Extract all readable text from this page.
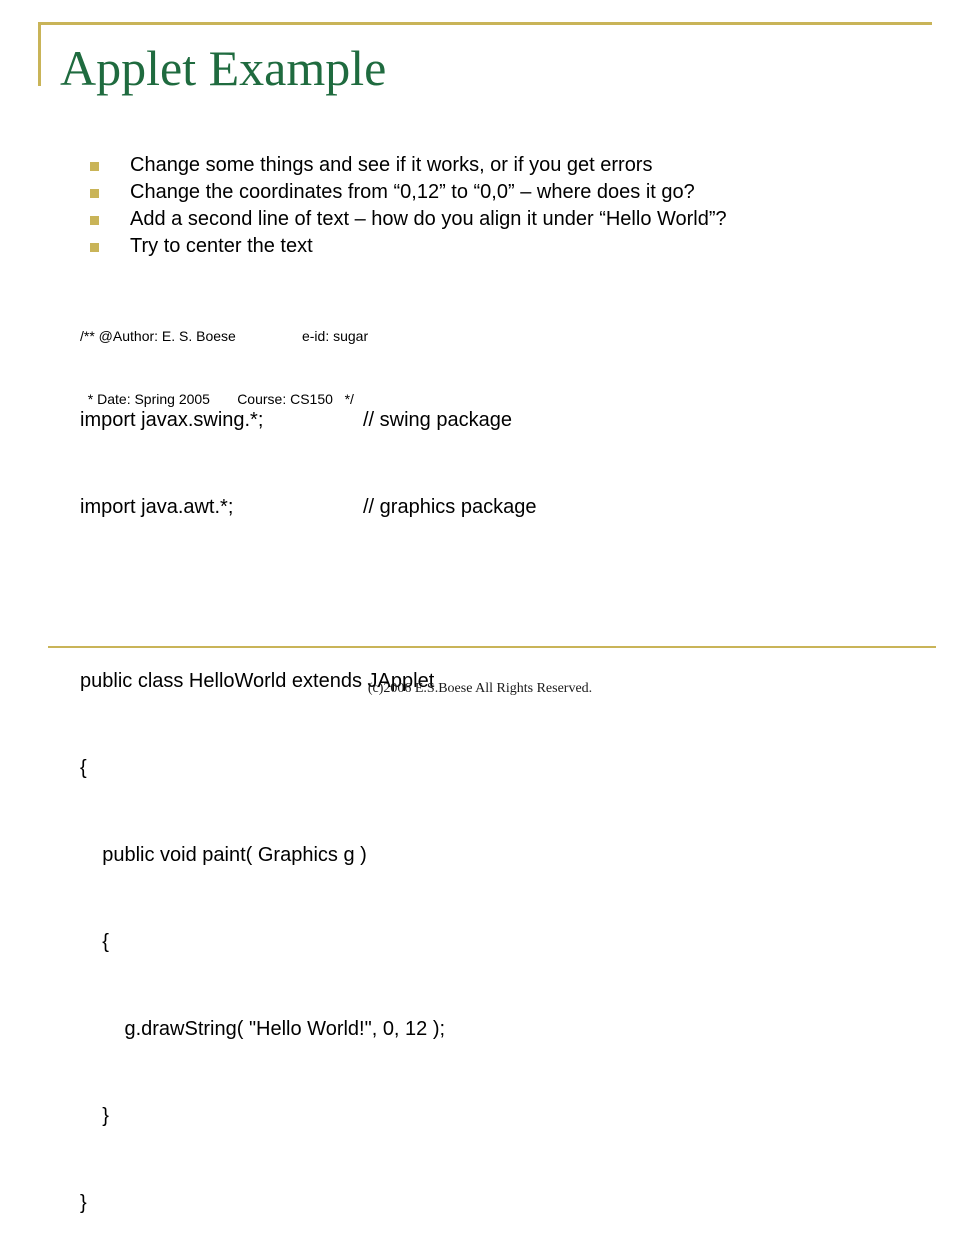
Applet Example
Change some things and see if it works, or if you get errors
Change the coordinates from “0,12” to “0,0” – where does it go?
Add a second line of text – how do you align it under “Hello World”?
Try to center the text

/** @Author: E. S. Boese                 e-id: sugar

* Date: Spring 2005       Course: CS150   */

import javax.swing.*;	// swing package

import java.awt.*;	// graphics package

public class HelloWorld extends JApplet

{

public void paint( Graphics g )

{

g.drawString( "Hello World!", 0, 12 );

}

}

(c)2006 E.S.Boese All Rights Reserved.
